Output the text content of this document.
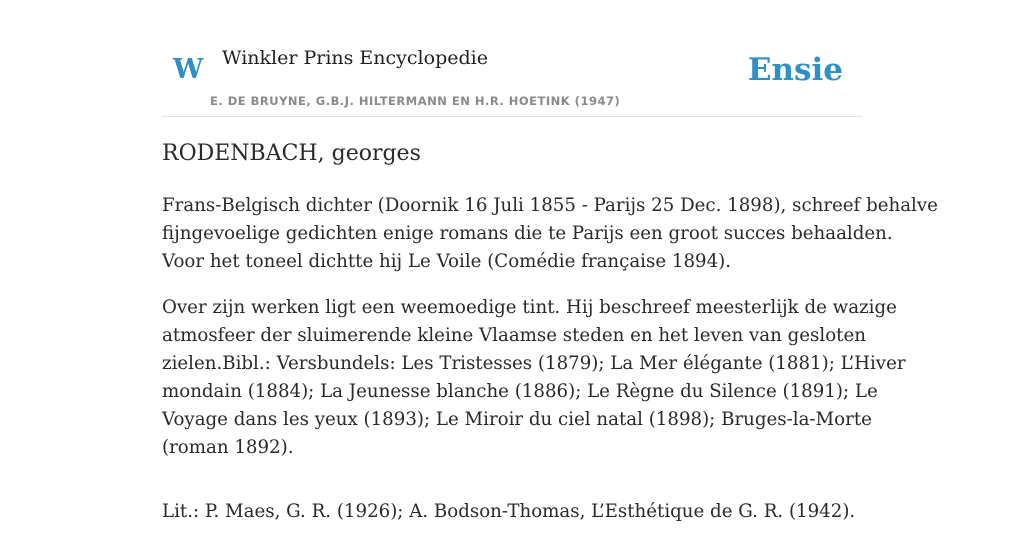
W Winkler Prins Encyclopedie
E. DE BRUYNE, G.B.J. HILTERMANN EN H.R. HOETINK (1947)
Ensie
RODENBACH, georges

Frans-Belgisch dichter (Doornik 16 Juli 1855 - Parijs 25 Dec. 1898), schreef behalve
fijngevoelige gedichten enige romans die te Parijs een groot succes behaalden.
Voor het toneel dichtte hij Le Voile (Comédie française 1894).

Over zijn werken ligt een weemoedige tint. Hij beschreef meesterlijk de wazige
atmosfeer der sluimerende kleine Vlaamse steden en het leven van gesloten
zielen.Bibl.: Versbundels: Les Tristesses (1879); La Mer élégante (1881); L’Hiver
mondain (1884); La Jeunesse blanche (1886); Le Règne du Silence (1891); Le
Voyage dans les yeux (1893); Le Miroir du ciel natal (1898); Bruges-la-Morte
(roman 1892).

Lit.: P. Maes, G. R. (1926); A. Bodson-Thomas, L’Esthétique de G. R. (1942).
